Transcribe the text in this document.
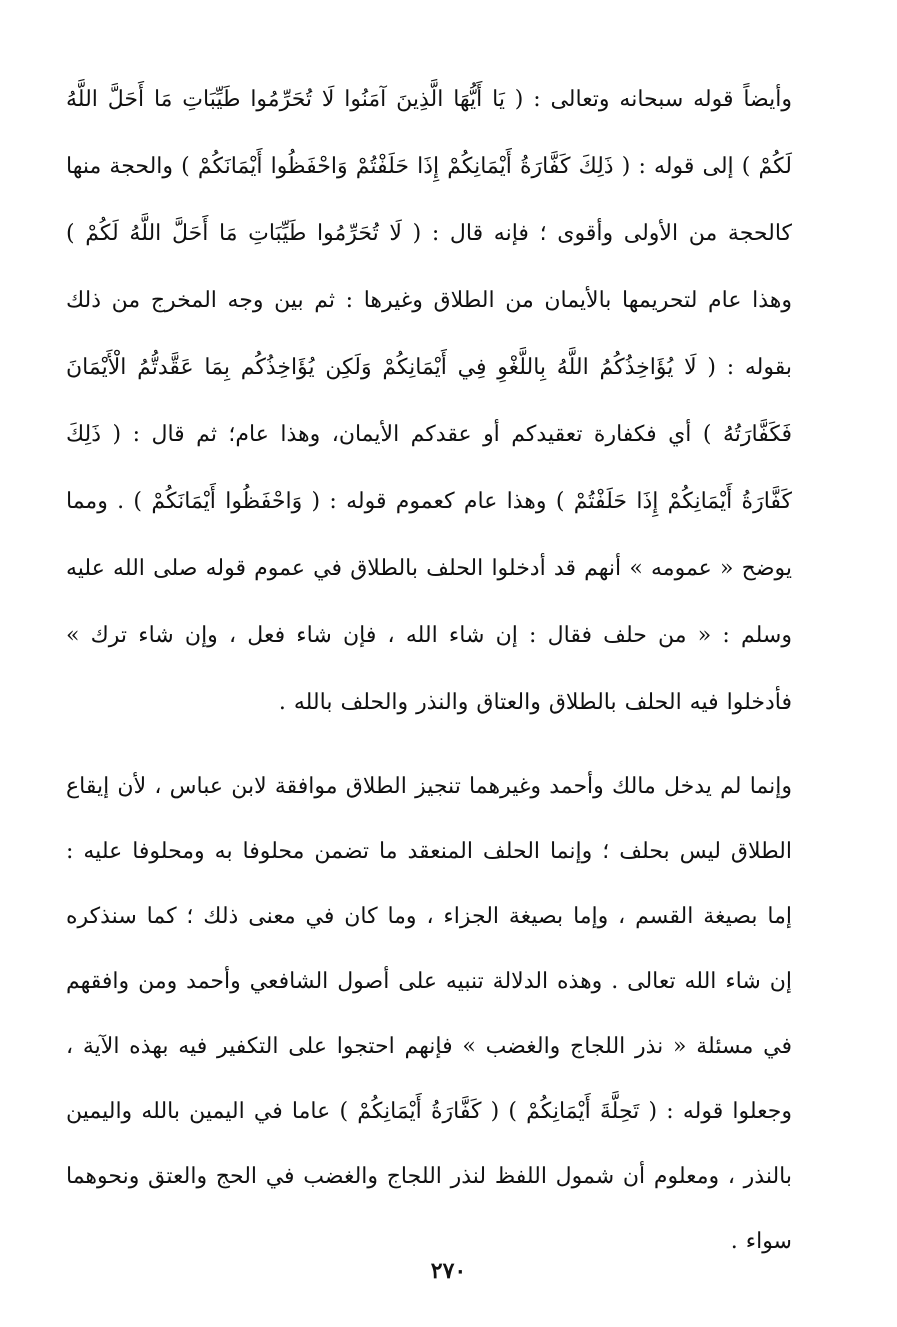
وأيضاً قوله سبحانه وتعالى : ( يَا أَيُّهَا الَّذِينَ آمَنُوا لَا تُحَرِّمُوا طَيِّبَاتِ مَا أَحَلَّ اللَّهُ لَكُمْ ) إلى قوله : ( ذَلِكَ كَفَّارَةُ أَيْمَانِكُمْ إِذَا حَلَفْتُمْ وَاحْفَظُوا أَيْمَانَكُمْ ) والحجة منها كالحجة من الأولى وأقوى ؛ فإنه قال : ( لَا تُحَرِّمُوا طَيِّبَاتِ مَا أَحَلَّ اللَّهُ لَكُمْ ) وهذا عام لتحريمها بالأيمان من الطلاق وغيرها : ثم بين وجه المخرج من ذلك بقوله : ( لَا يُؤَاخِذُكُمُ اللَّهُ بِاللَّغْوِ فِي أَيْمَانِكُمْ وَلَكِن يُؤَاخِذُكُم بِمَا عَقَّدتُّمُ الْأَيْمَانَ فَكَفَّارَتُهُ ) أي فكفارة تعقيدكم أو عقدكم الأيمان، وهذا عام؛ ثم قال : ( ذَلِكَ كَفَّارَةُ أَيْمَانِكُمْ إِذَا حَلَفْتُمْ ) وهذا عام كعموم قوله : ( وَاحْفَظُوا أَيْمَانَكُمْ ) . ومما يوضح « عمومه » أنهم قد أدخلوا الحلف بالطلاق في عموم قوله صلى الله عليه وسلم : « من حلف فقال : إن شاء الله ، فإن شاء فعل ، وإن شاء ترك » فأدخلوا فيه الحلف بالطلاق والعتاق والنذر والحلف بالله .

وإنما لم يدخل مالك وأحمد وغيرهما تنجيز الطلاق موافقة لابن عباس ، لأن إيقاع الطلاق ليس بحلف ؛ وإنما الحلف المنعقد ما تضمن محلوفا به ومحلوفا عليه : إما بصيغة القسم ، وإما بصيغة الجزاء ، وما كان في معنى ذلك ؛ كما سنذكره إن شاء الله تعالى . وهذه الدلالة تنبيه على أصول الشافعي وأحمد ومن وافقهم في مسئلة « نذر اللجاج والغضب » فإنهم احتجوا على التكفير فيه بهذه الآية ، وجعلوا قوله : ( تَحِلَّةَ أَيْمَانِكُمْ ) ( كَفَّارَةُ أَيْمَانِكُمْ ) عاما في اليمين بالله واليمين بالنذر ، ومعلوم أن شمول اللفظ لنذر اللجاج والغضب في الحج والعتق ونحوهما سواء .

٢٧٠
